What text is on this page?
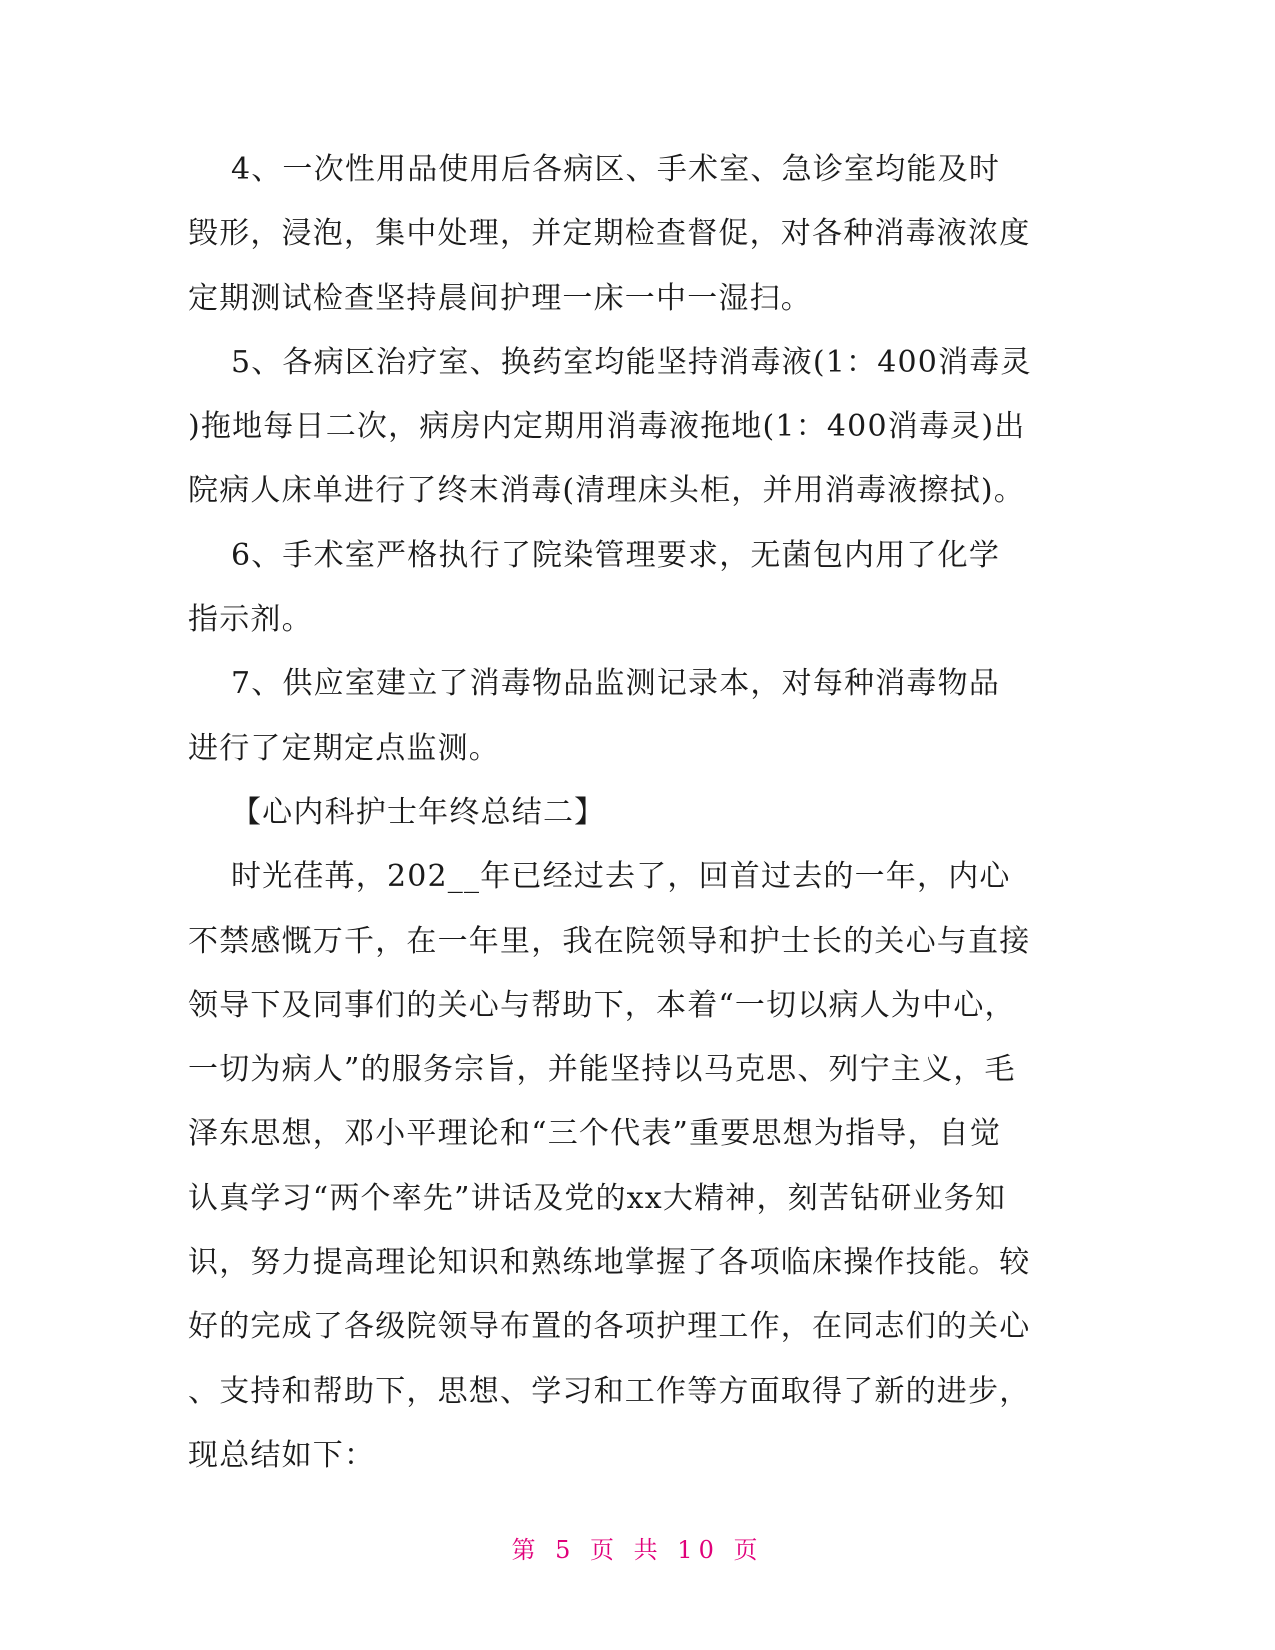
4、一次性用品使用后各病区、手术室、急诊室均能及时
毁形，浸泡，集中处理，并定期检查督促，对各种消毒液浓度
定期测试检查坚持晨间护理一床一中一湿扫。
5、各病区治疗室、换药室均能坚持消毒液(1：400消毒灵
)拖地每日二次，病房内定期用消毒液拖地(1：400消毒灵)出
院病人床单进行了终末消毒(清理床头柜，并用消毒液擦拭)。
6、手术室严格执行了院染管理要求，无菌包内用了化学
指示剂。
7、供应室建立了消毒物品监测记录本，对每种消毒物品
进行了定期定点监测。
【心内科护士年终总结二】
时光荏苒，202__年已经过去了，回首过去的一年，内心
不禁感慨万千，在一年里，我在院领导和护士长的关心与直接
领导下及同事们的关心与帮助下，本着“一切以病人为中心，
一切为病人”的服务宗旨，并能坚持以马克思、列宁主义，毛
泽东思想，邓小平理论和“三个代表”重要思想为指导，自觉
认真学习“两个率先”讲话及党的xx大精神，刻苦钻研业务知
识，努力提高理论知识和熟练地掌握了各项临床操作技能。较
好的完成了各级院领导布置的各项护理工作，在同志们的关心
、支持和帮助下，思想、学习和工作等方面取得了新的进步，
现总结如下：
第 5 页 共 10 页
